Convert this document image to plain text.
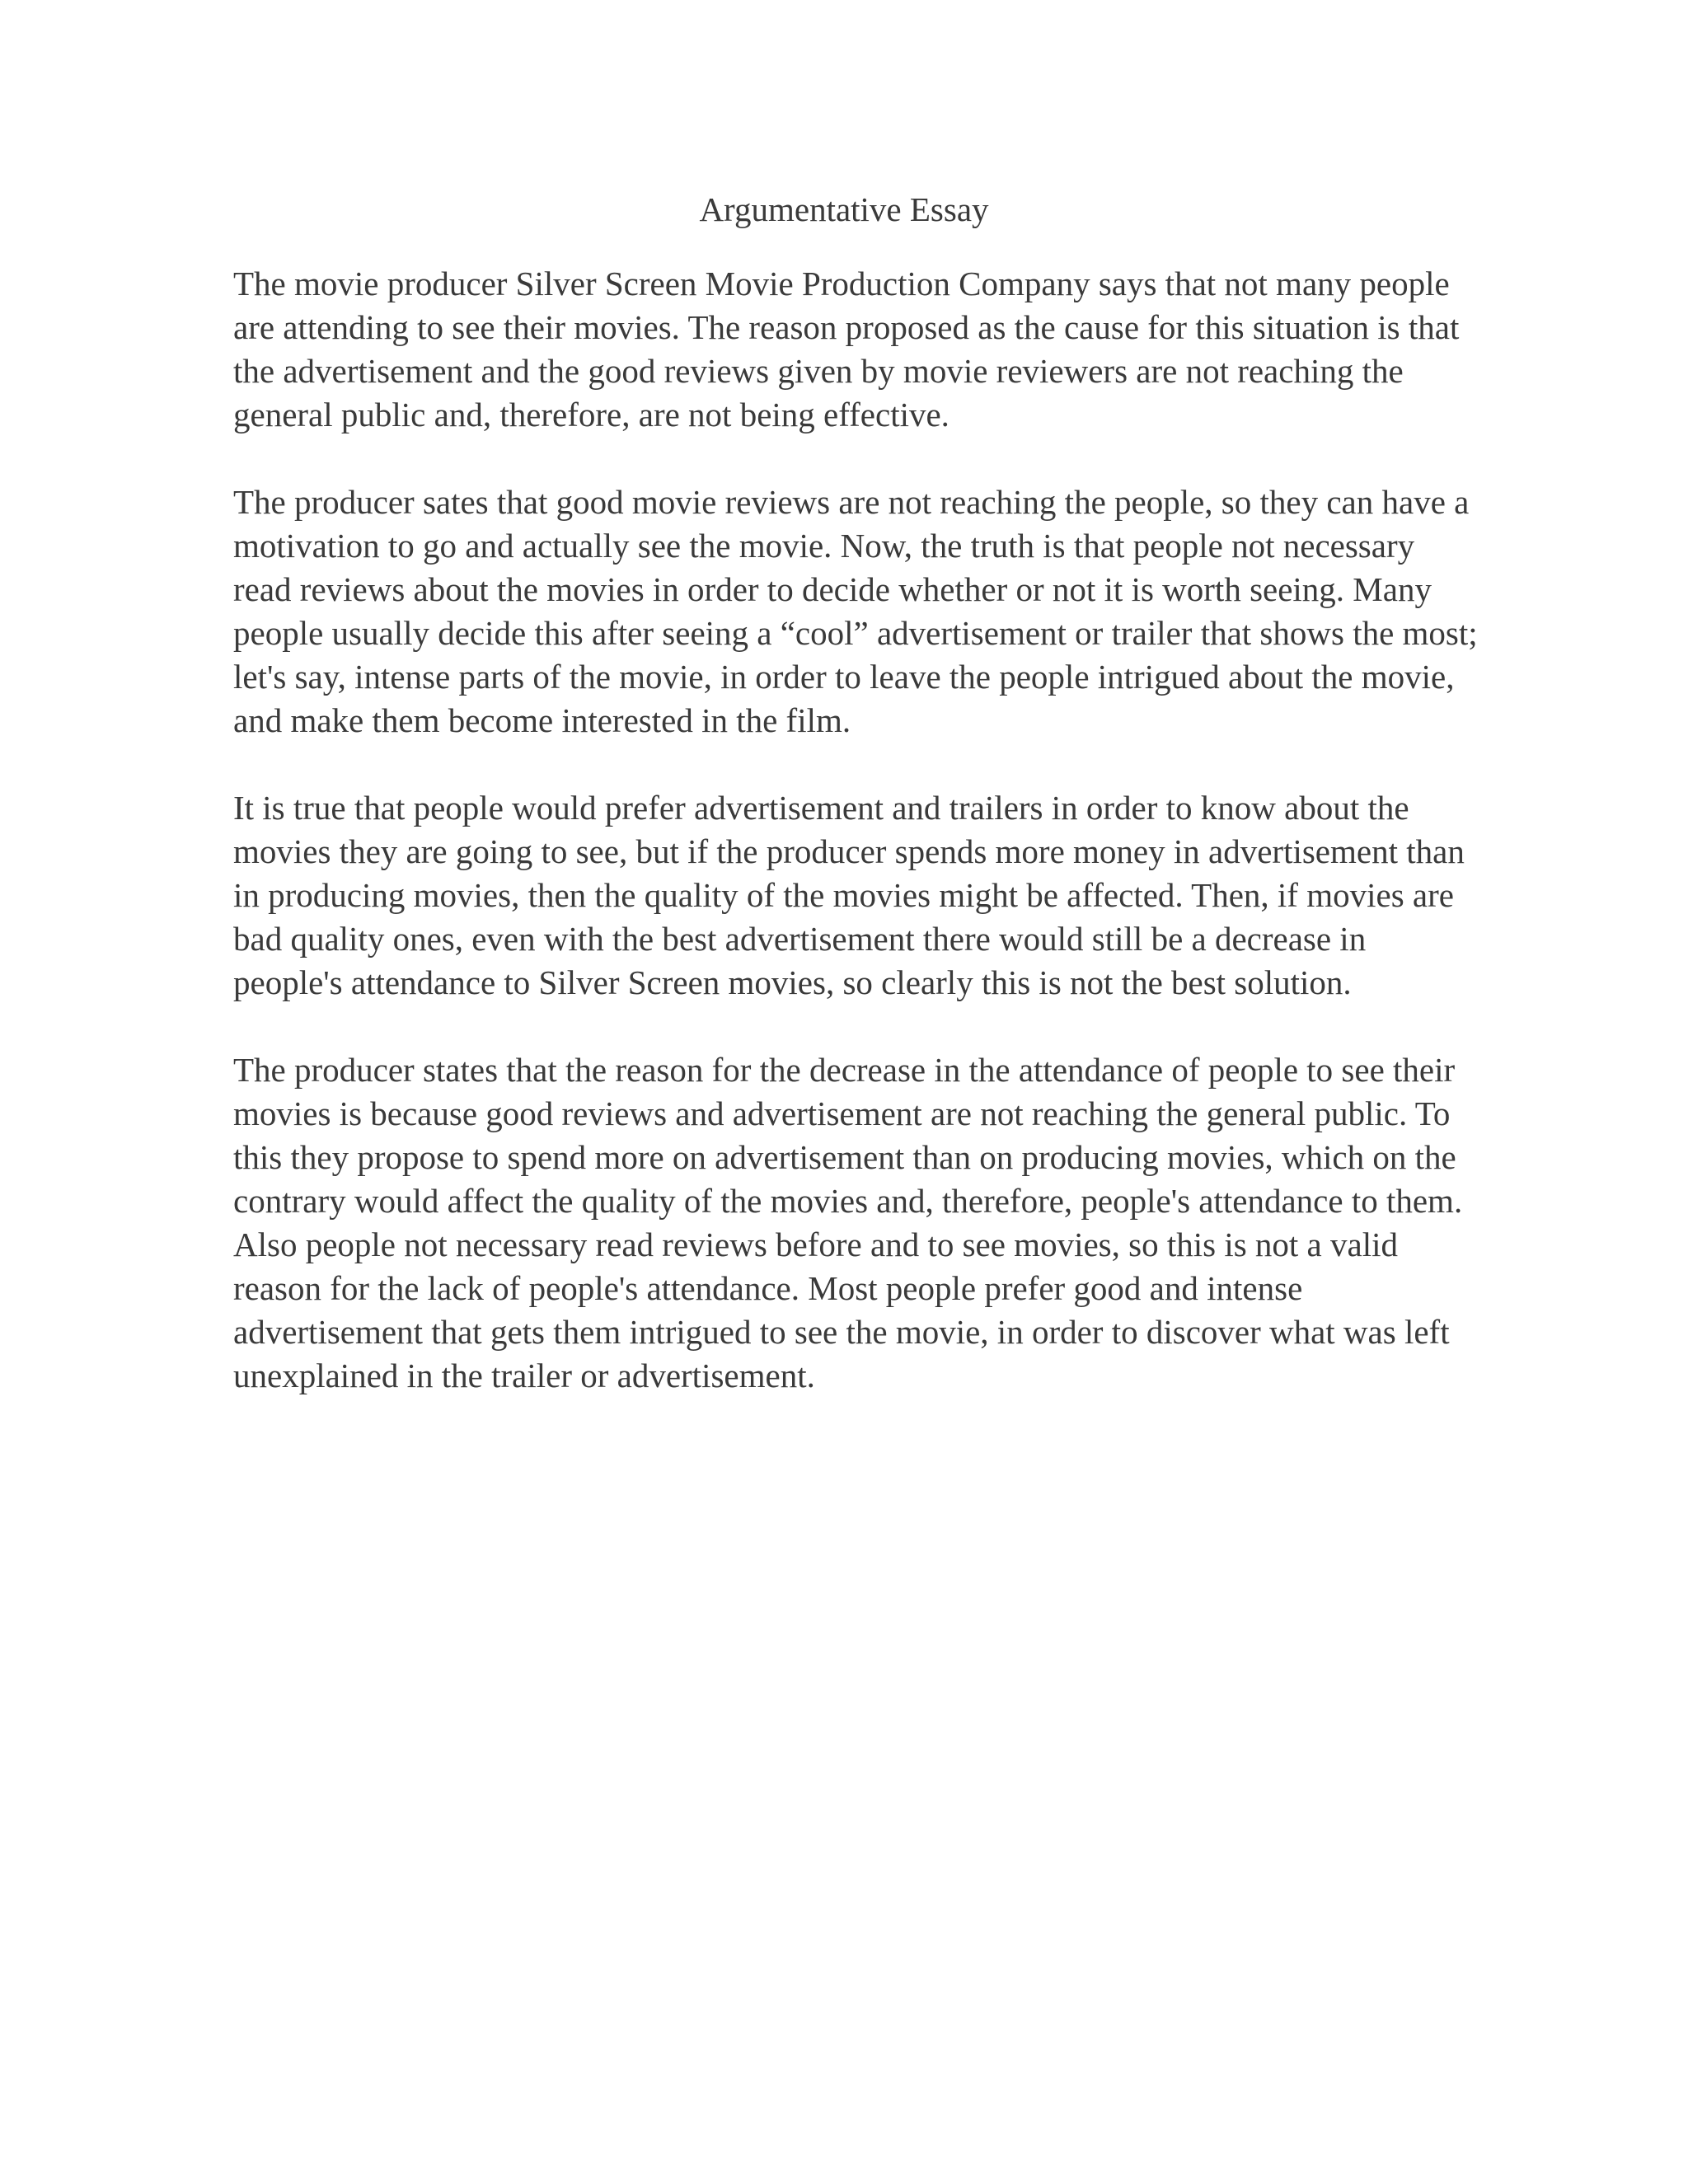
Argumentative Essay

The movie producer Silver Screen Movie Production Company says that not many people
are attending to see their movies. The reason proposed as the cause for this situation is that
the advertisement and the good reviews given by movie reviewers are not reaching the
general public and, therefore, are not being effective.

The producer sates that good movie reviews are not reaching the people, so they can have a
motivation to go and actually see the movie. Now, the truth is that people not necessary
read reviews about the movies in order to decide whether or not it is worth seeing. Many
people usually decide this after seeing a “cool” advertisement or trailer that shows the most;
let's say, intense parts of the movie, in order to leave the people intrigued about the movie,
and make them become interested in the film.

It is true that people would prefer advertisement and trailers in order to know about the
movies they are going to see, but if the producer spends more money in advertisement than
in producing movies, then the quality of the movies might be affected. Then, if movies are
bad quality ones, even with the best advertisement there would still be a decrease in
people's attendance to Silver Screen movies, so clearly this is not the best solution.

The producer states that the reason for the decrease in the attendance of people to see their
movies is because good reviews and advertisement are not reaching the general public. To
this they propose to spend more on advertisement than on producing movies, which on the
contrary would affect the quality of the movies and, therefore, people's attendance to them.
Also people not necessary read reviews before and to see movies, so this is not a valid
reason for the lack of people's attendance. Most people prefer good and intense
advertisement that gets them intrigued to see the movie, in order to discover what was left
unexplained in the trailer or advertisement.
